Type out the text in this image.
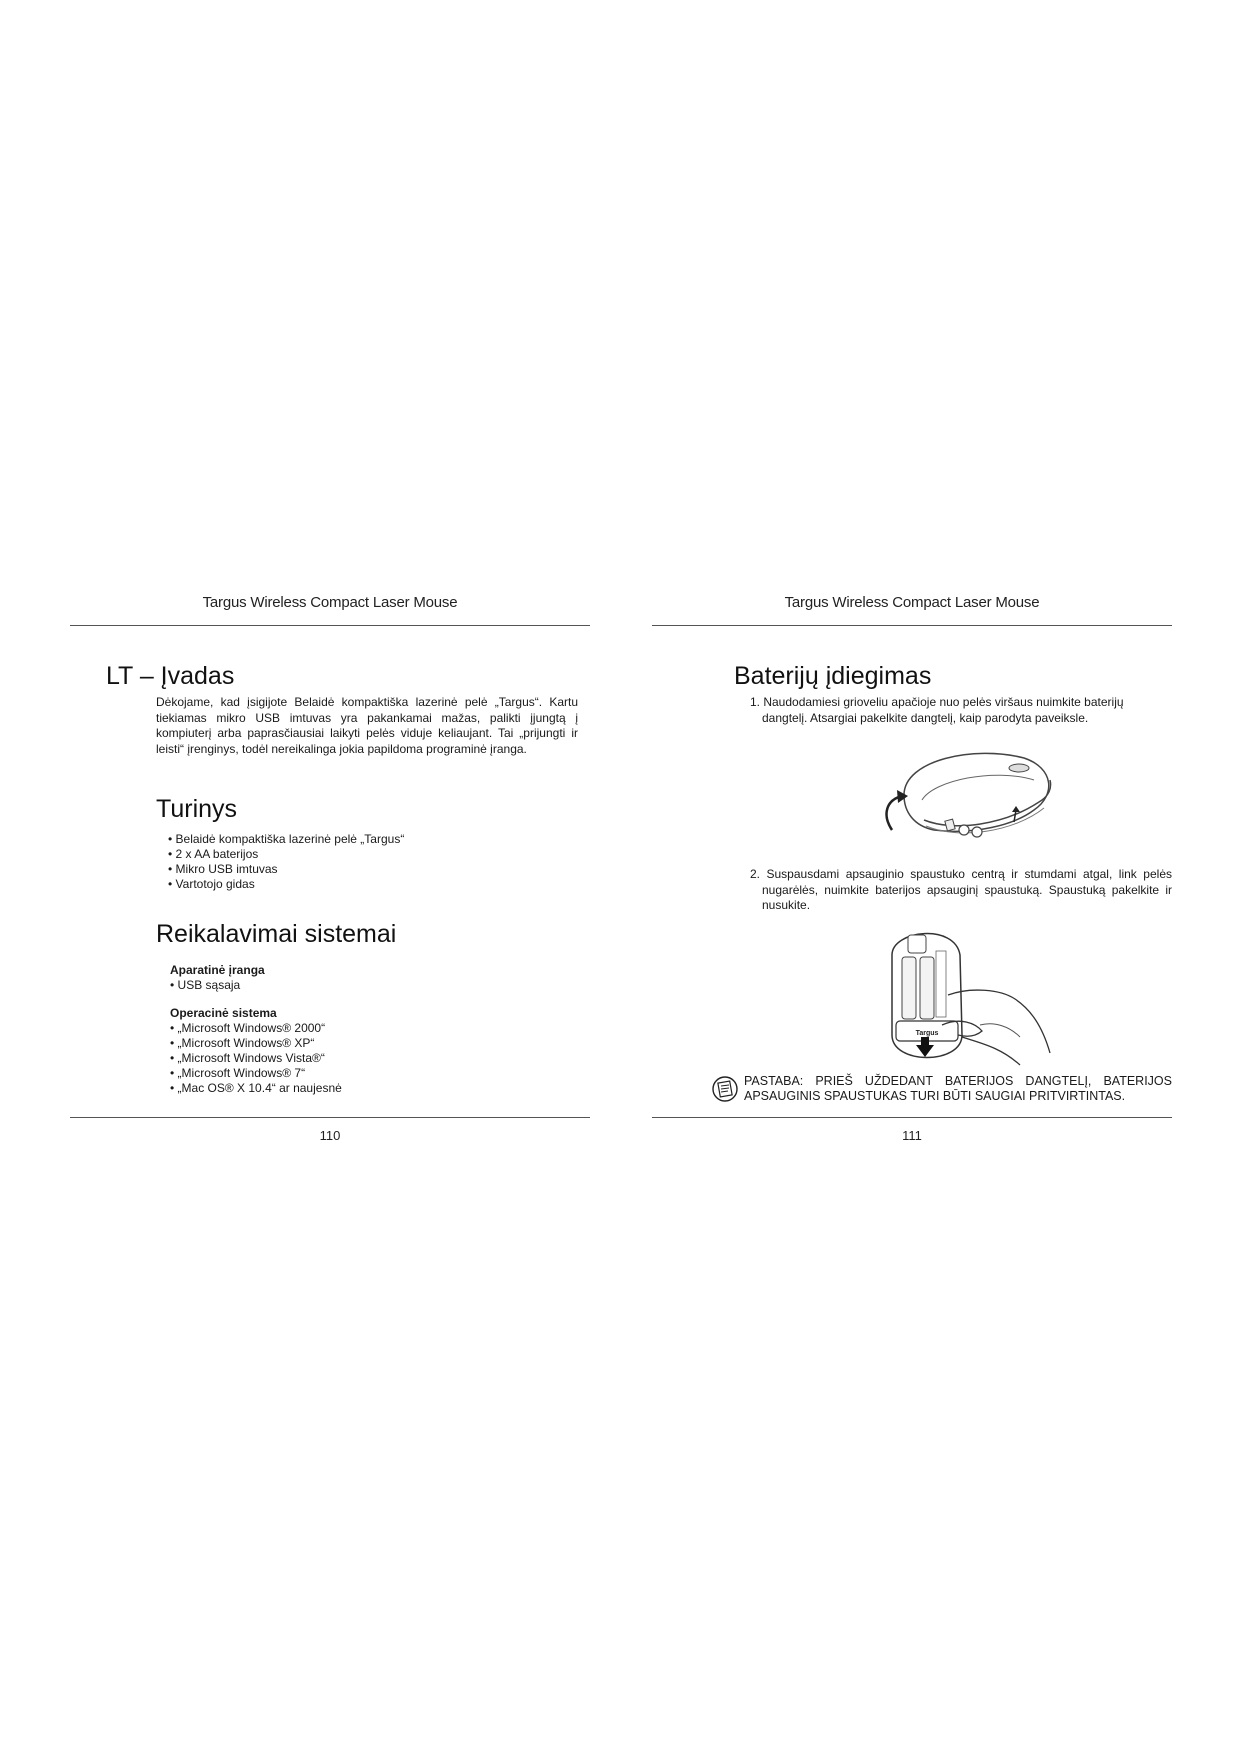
Targus Wireless Compact Laser Mouse
LT – Įvadas
Dėkojame, kad įsigijote Belaidė kompaktiška lazerinė pelė „Targus“. Kartu tiekiamas mikro USB imtuvas yra pakankamai mažas, palikti įjungtą į kompiuterį arba paprasčiausiai laikyti pelės viduje keliaujant. Tai „prijungti ir leisti“ įrenginys, todėl nereikalinga jokia papildoma programinė įranga.
Turinys
• Belaidė kompaktiška lazerinė pelė „Targus“
• 2 x AA baterijos
• Mikro USB imtuvas
• Vartotojo gidas
Reikalavimai sistemai
Aparatinė įranga
• USB sąsaja
Operacinė sistema
• „Microsoft Windows® 2000“
• „Microsoft Windows® XP“
• „Microsoft Windows Vista®“
• „Microsoft Windows® 7“
• „Mac OS® X 10.4“ ar naujesnė
110
Targus Wireless Compact Laser Mouse
Baterijų įdiegimas
1. Naudodamiesi grioveliu apačioje nuo pelės viršaus nuimkite baterijų dangtelį. Atsargiai pakelkite dangtelį, kaip parodyta paveiksle.
2. Suspausdami apsauginio spaustuko centrą ir stumdami atgal, link pelės nugarėlės, nuimkite baterijos apsauginį spaustuką. Spaustuką pakelkite ir nusukite.
Targus
PASTABA: PRIEŠ UŽDEDANT BATERIJOS DANGTELĮ, BATERIJOS APSAUGINIS SPAUSTUKAS TURI BŪTI SAUGIAI PRITVIRTINTAS.
111
